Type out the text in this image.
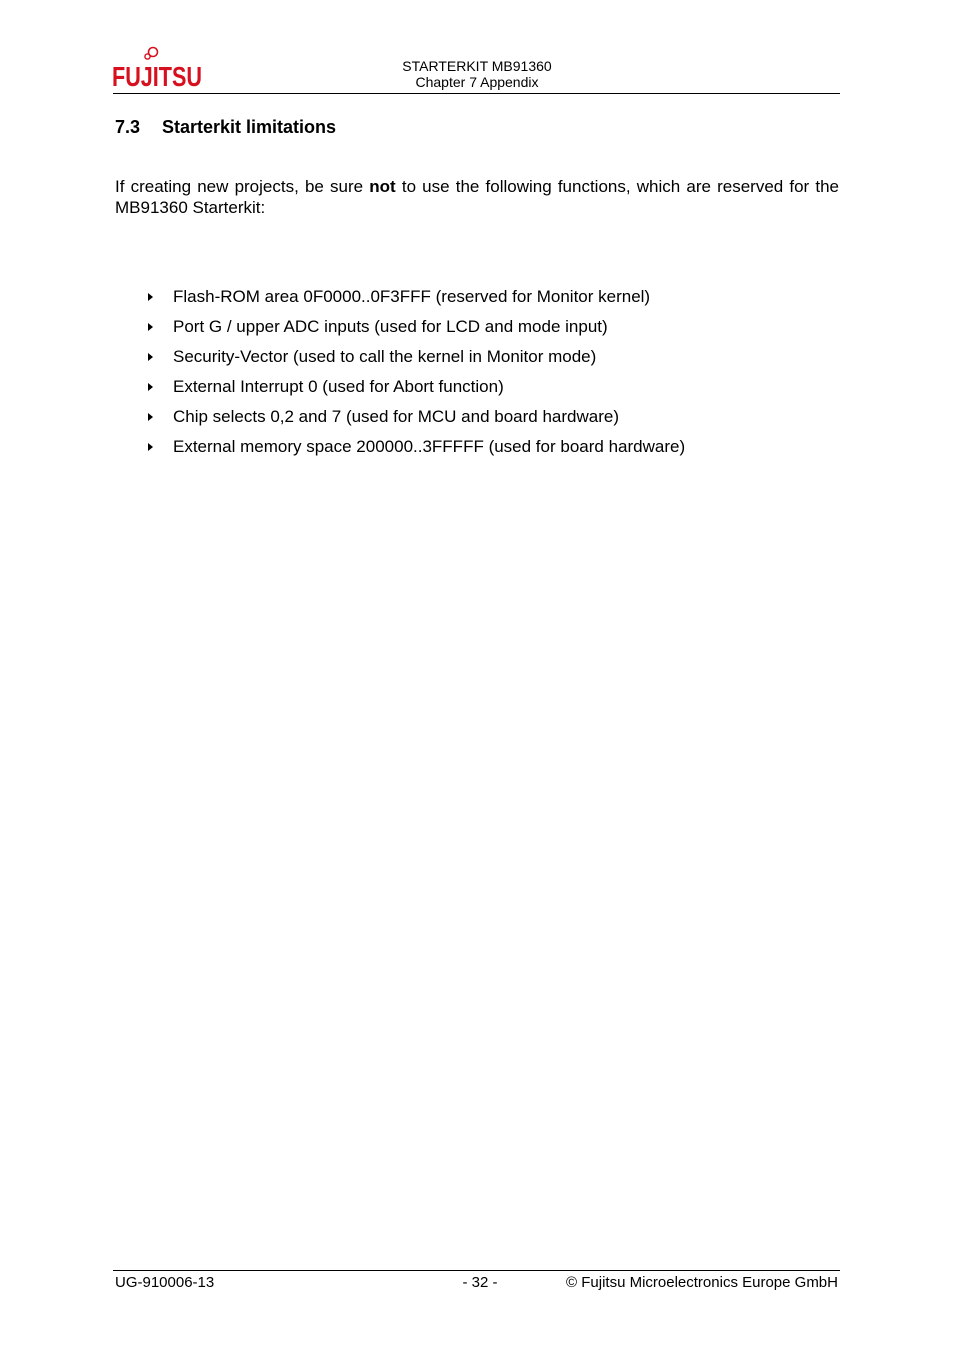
FUJITSU	STARTERKIT MB91360
Chapter 7 Appendix
7.3 Starterkit limitations

If creating new projects, be sure not to use the following functions, which are reserved for the MB91360 Starterkit:

Flash-ROM area 0F0000..0F3FFF (reserved for Monitor kernel)
Port G / upper ADC inputs (used for LCD and mode input)
Security-Vector (used to call the kernel in Monitor mode)
External Interrupt 0 (used for Abort function)
Chip selects 0,2 and 7 (used for MCU and board hardware)
External memory space 200000..3FFFFF (used for board hardware)
UG-910006-13	- 32 -	© Fujitsu Microelectronics Europe GmbH
